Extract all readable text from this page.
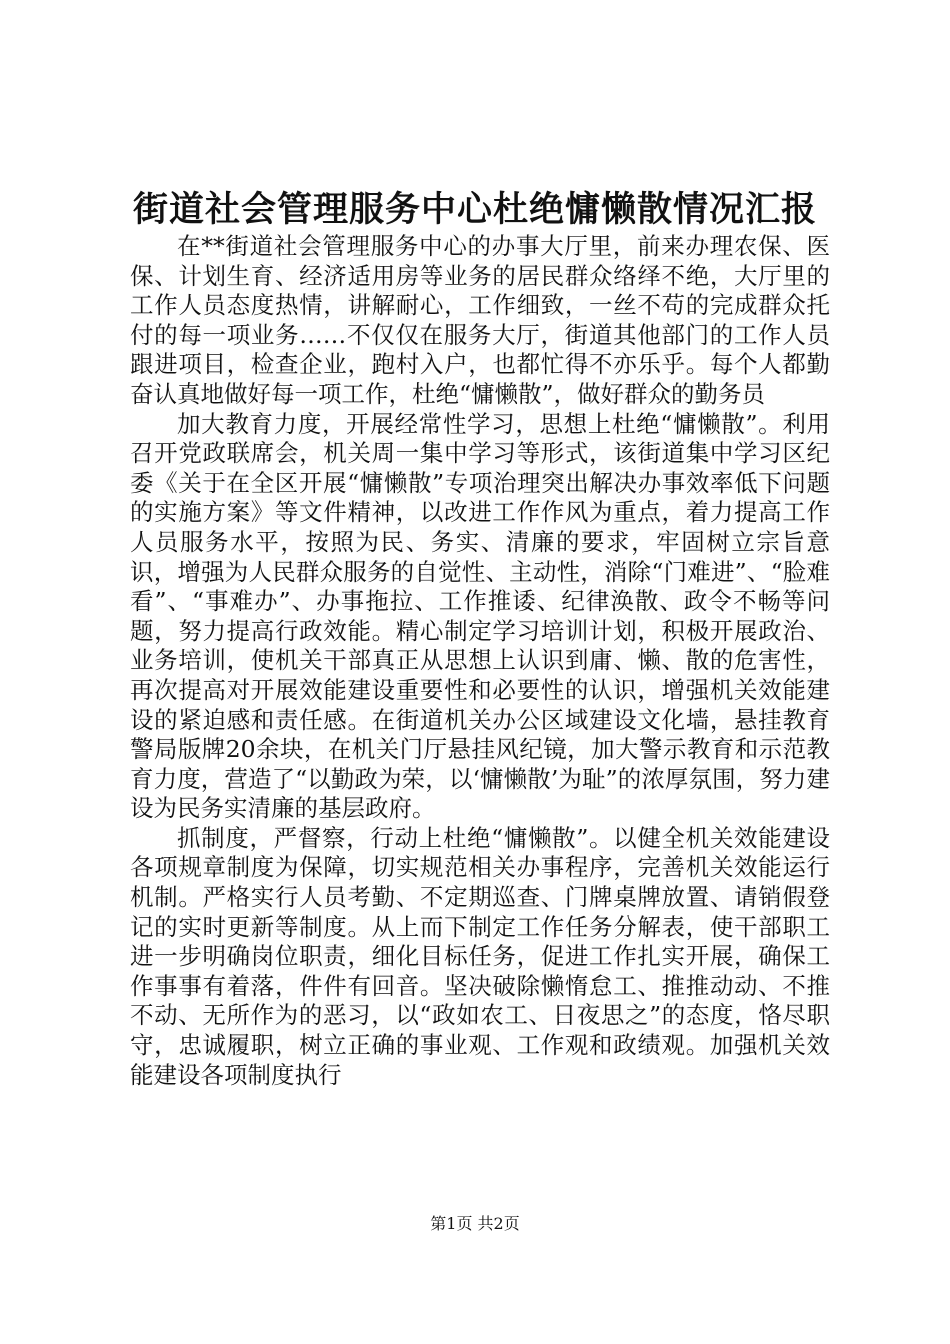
街道社会管理服务中心杜绝慵懒散情况汇报

在**街道社会管理服务中心的办事大厅里，前来办理农保、医保、计划生育、经济适用房等业务的居民群众络绎不绝，大厅里的工作人员态度热情，讲解耐心，工作细致，一丝不苟的完成群众托付的每一项业务……不仅仅在服务大厅，街道其他部门的工作人员跟进项目，检查企业，跑村入户，也都忙得不亦乐乎。每个人都勤奋认真地做好每一项工作，杜绝“慵懒散”，做好群众的勤务员

加大教育力度，开展经常性学习，思想上杜绝“慵懒散”。利用召开党政联席会，机关周一集中学习等形式，该街道集中学习区纪委《关于在全区开展“慵懒散”专项治理突出解决办事效率低下问题的实施方案》等文件精神，以改进工作作风为重点，着力提高工作人员服务水平，按照为民、务实、清廉的要求，牢固树立宗旨意识，增强为人民群众服务的自觉性、主动性，消除“门难进”、“脸难看”、“事难办”、办事拖拉、工作推诿、纪律涣散、政令不畅等问题，努力提高行政效能。精心制定学习培训计划，积极开展政治、业务培训，使机关干部真正从思想上认识到庸、懒、散的危害性，再次提高对开展效能建设重要性和必要性的认识，增强机关效能建设的紧迫感和责任感。在街道机关办公区域建设文化墙，悬挂教育警局版牌20余块，在机关门厅悬挂风纪镜，加大警示教育和示范教育力度，营造了“以勤政为荣，以‘慵懒散’为耻”的浓厚氛围，努力建设为民务实清廉的基层政府。

抓制度，严督察，行动上杜绝“慵懒散”。以健全机关效能建设各项规章制度为保障，切实规范相关办事程序，完善机关效能运行机制。严格实行人员考勤、不定期巡查、门牌桌牌放置、请销假登记的实时更新等制度。从上而下制定工作任务分解表，使干部职工进一步明确岗位职责，细化目标任务，促进工作扎实开展，确保工作事事有着落，件件有回音。坚决破除懒惰怠工、推推动动、不推不动、无所作为的恶习，以“政如农工、日夜思之”的态度，恪尽职守，忠诚履职，树立正确的事业观、工作观和政绩观。加强机关效能建设各项制度执行

第1页 共2页
